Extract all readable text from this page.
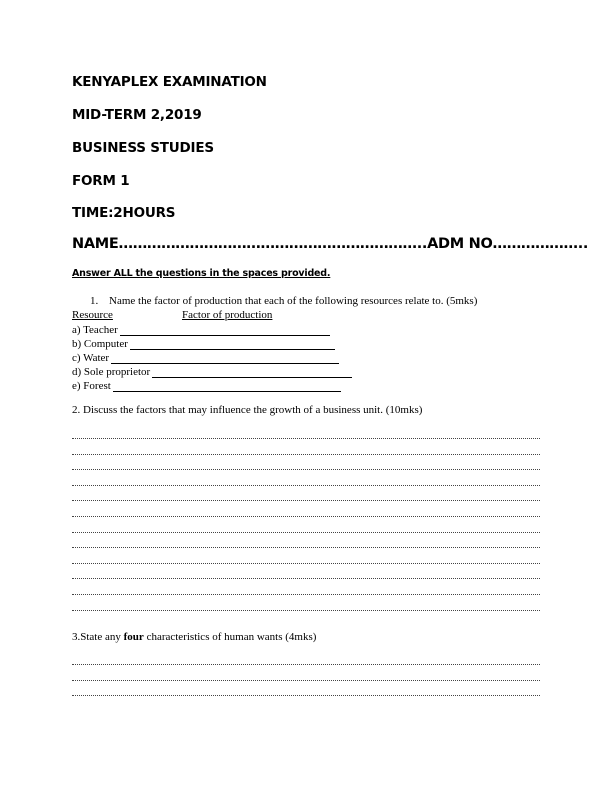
KENYAPLEX EXAMINATION
MID-TERM 2,2019
BUSINESS STUDIES
FORM 1
TIME:2HOURS
NAME………………………………………………………..ADM NO………………..
Answer ALL the questions in the spaces provided.
1. Name the factor of production that each of the following resources relate to. (5mks)
Resource	Factor of production
a) Teacher
b) Computer
c) Water
d) Sole proprietor
e) Forest
2. Discuss the factors that may influence the growth of a business unit. (10mks)
3.State any four characteristics of human wants (4mks)
